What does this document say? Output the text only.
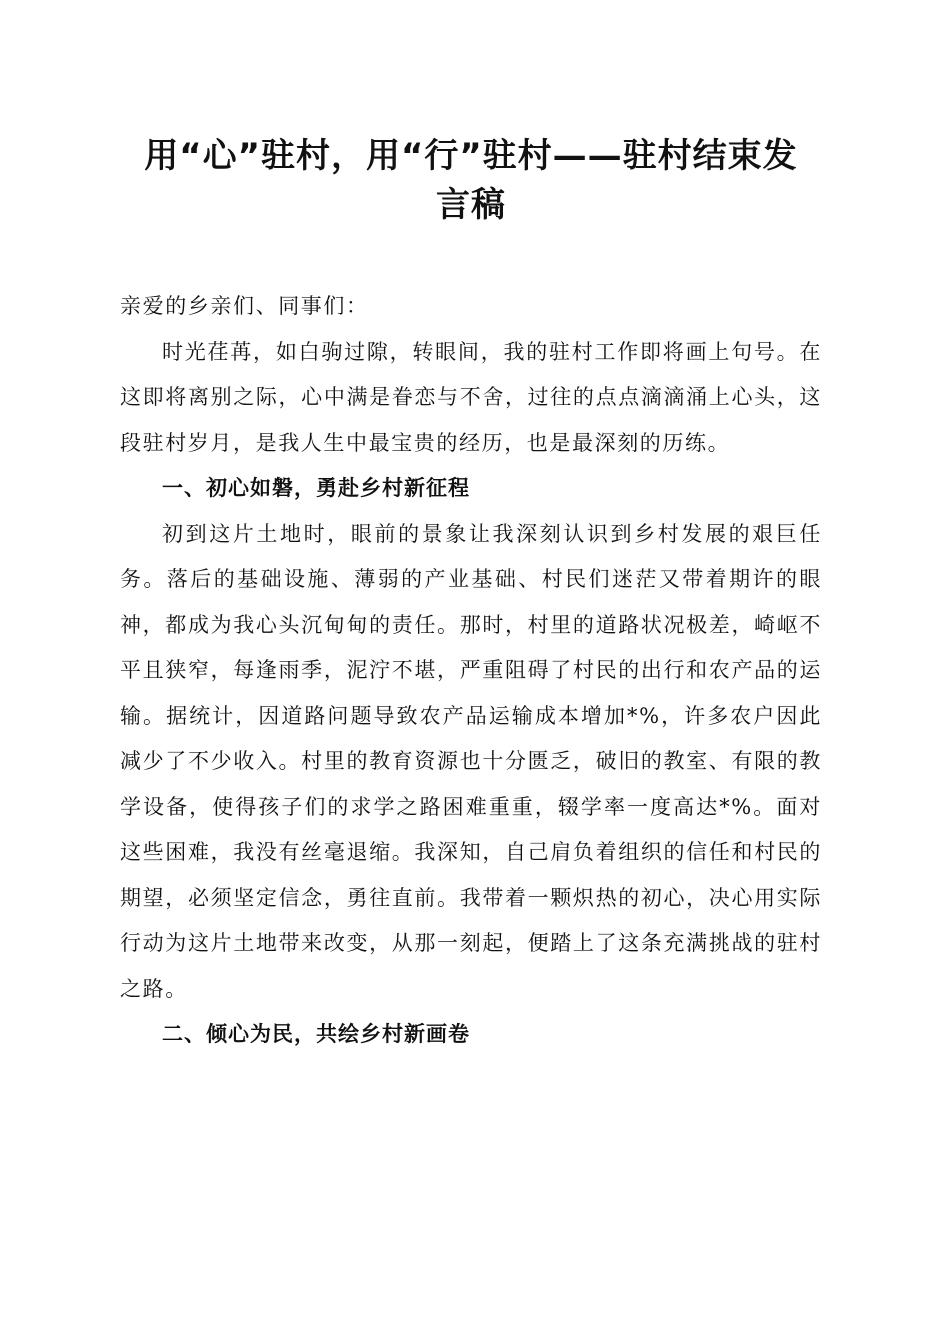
用“心”驻村，用“行”驻村——驻村结束发
言稿

亲爱的乡亲们、同事们：

时光荏苒，如白驹过隙，转眼间，我的驻村工作即将画上句号。在这即将离别之际，心中满是眷恋与不舍，过往的点点滴滴涌上心头，这段驻村岁月，是我人生中最宝贵的经历，也是最深刻的历练。

一、初心如磐，勇赴乡村新征程

初到这片土地时，眼前的景象让我深刻认识到乡村发展的艰巨任务。落后的基础设施、薄弱的产业基础、村民们迷茫又带着期许的眼神，都成为我心头沉甸甸的责任。那时，村里的道路状况极差，崎岖不平且狭窄，每逢雨季，泥泞不堪，严重阻碍了村民的出行和农产品的运输。据统计，因道路问题导致农产品运输成本增加*%，许多农户因此减少了不少收入。村里的教育资源也十分匮乏，破旧的教室、有限的教学设备，使得孩子们的求学之路困难重重，辍学率一度高达*%。面对这些困难，我没有丝毫退缩。我深知，自己肩负着组织的信任和村民的期望，必须坚定信念，勇往直前。我带着一颗炽热的初心，决心用实际行动为这片土地带来改变，从那一刻起，便踏上了这条充满挑战的驻村之路。

二、倾心为民，共绘乡村新画卷
